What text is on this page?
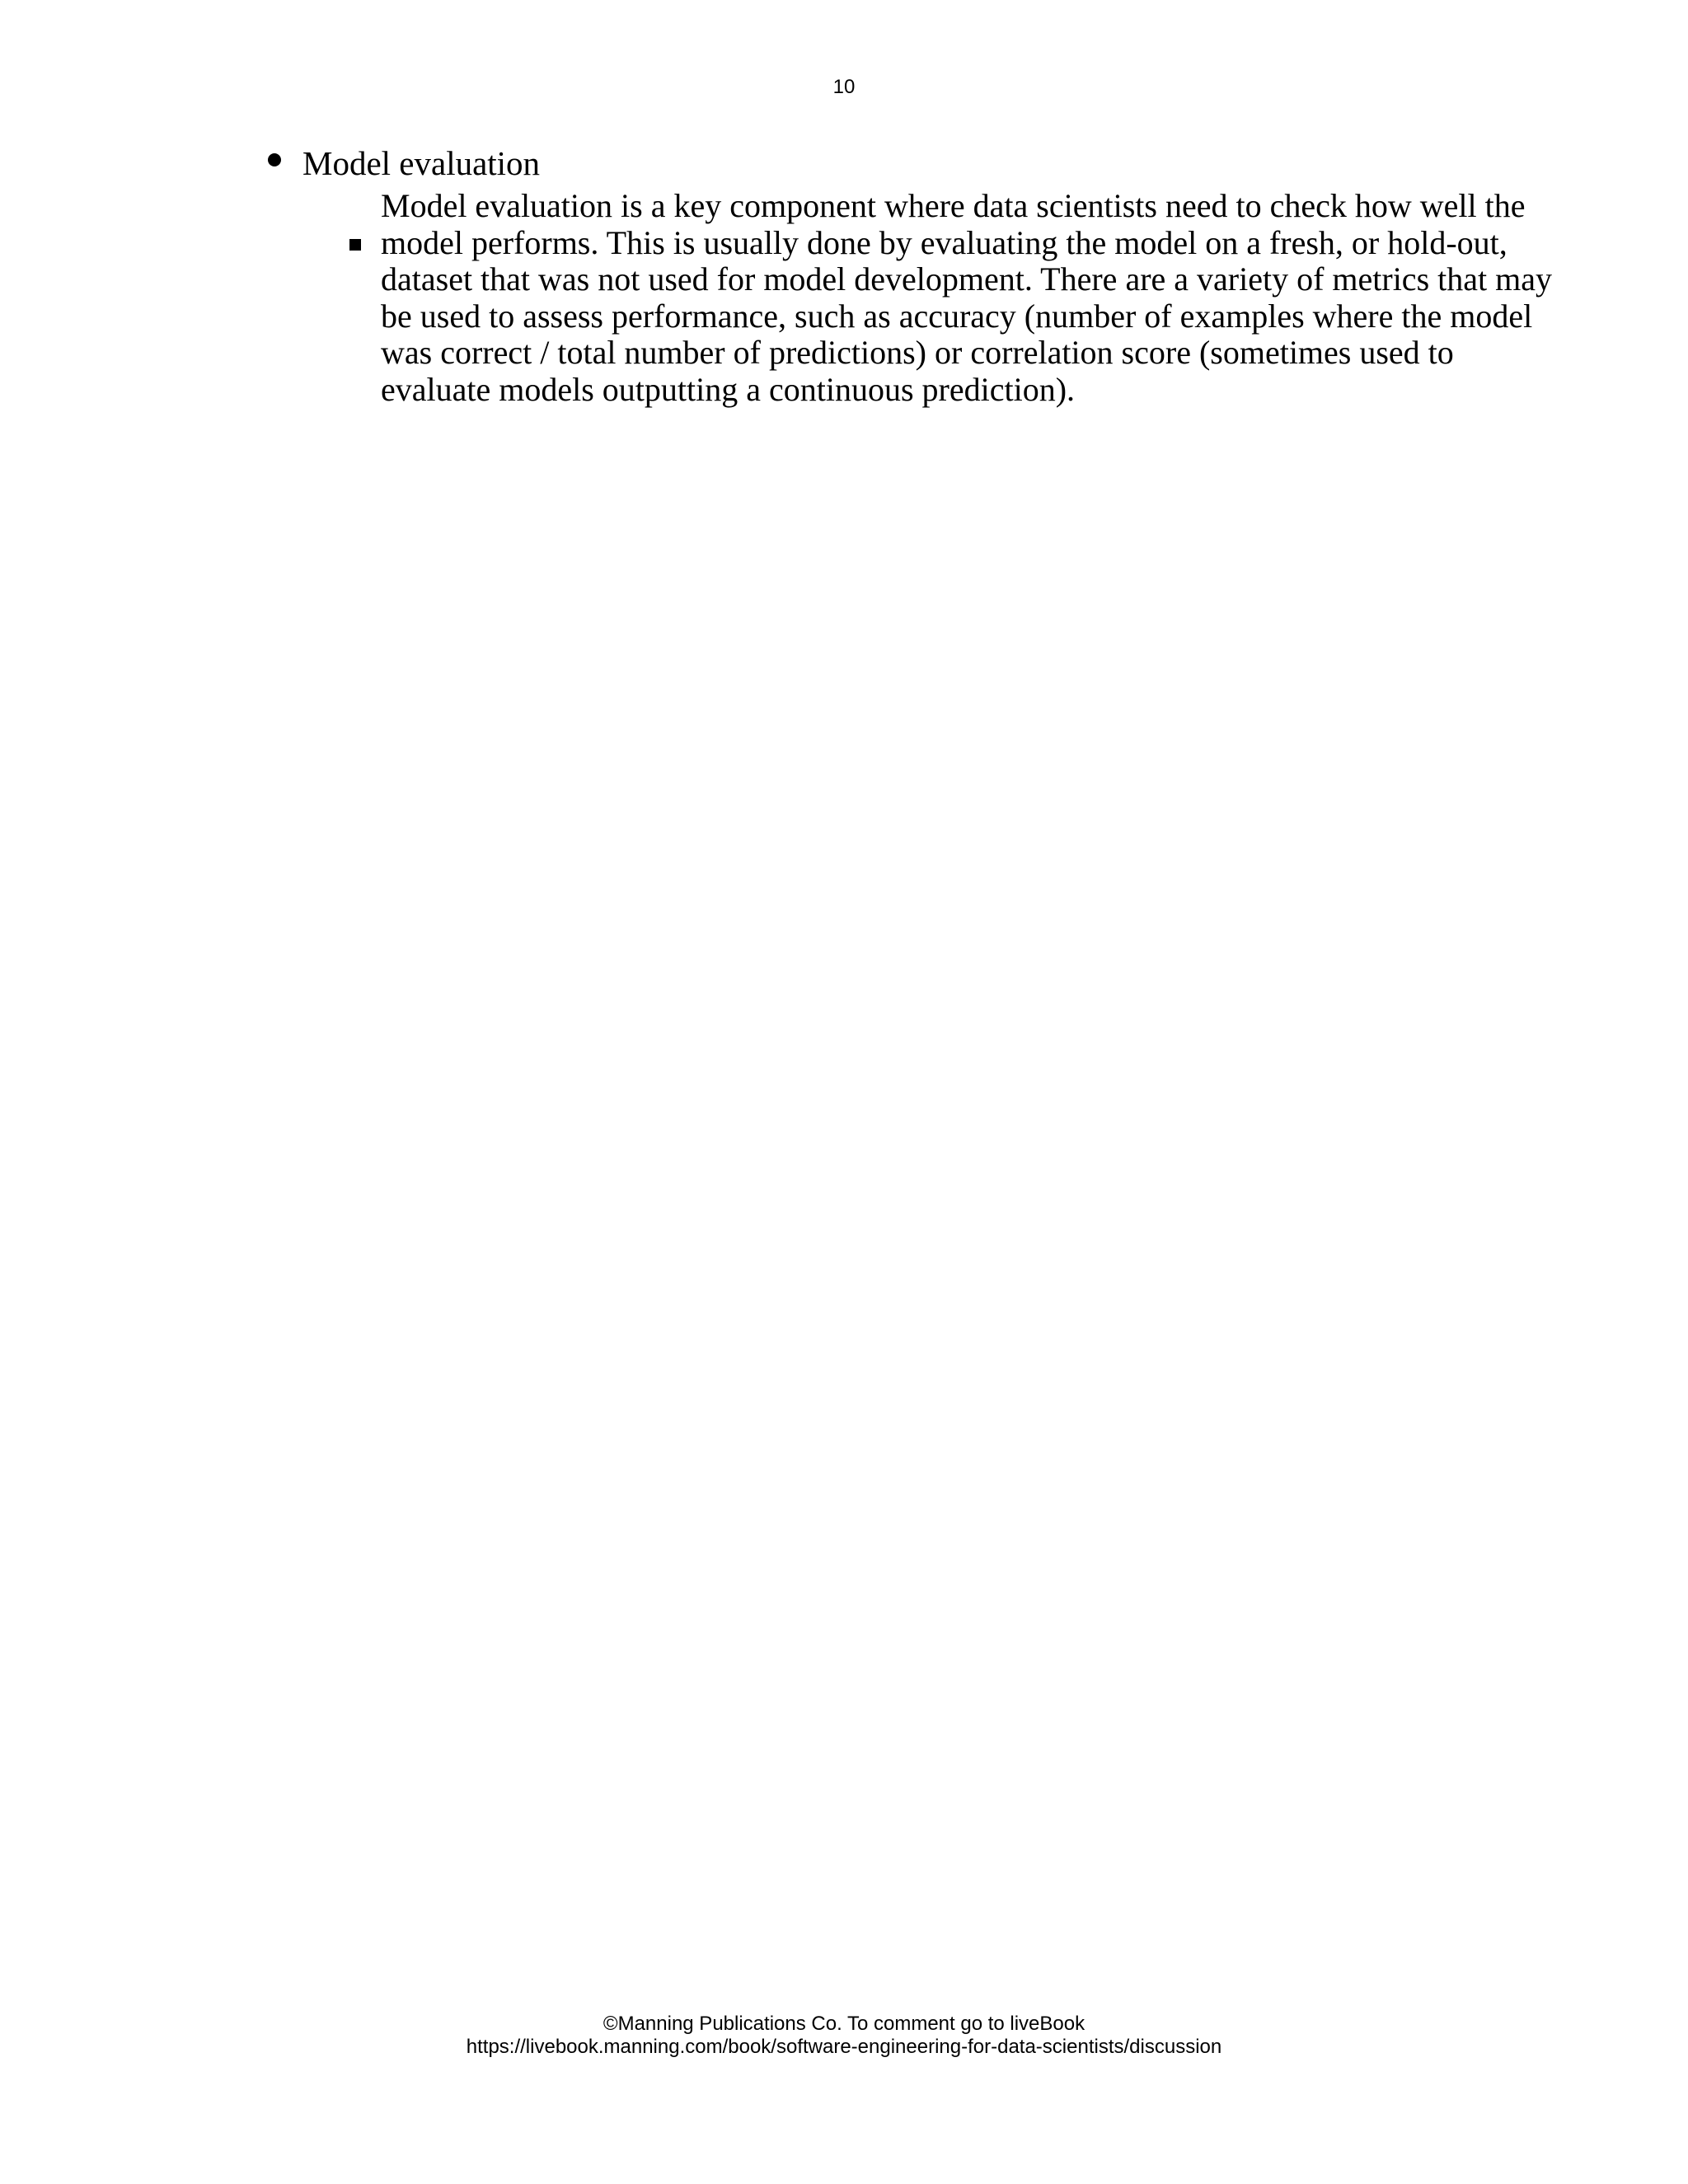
10
Model evaluation
Model evaluation is a key component where data scientists need to check how well the
model performs. This is usually done by evaluating the model on a fresh, or hold-out,
dataset that was not used for model development. There are a variety of metrics that may
be used to assess performance, such as accuracy (number of examples where the model
was correct / total number of predictions) or correlation score (sometimes used to
evaluate models outputting a continuous prediction).
©Manning Publications Co. To comment go to liveBook
https://livebook.manning.com/book/software-engineering-for-data-scientists/discussion
